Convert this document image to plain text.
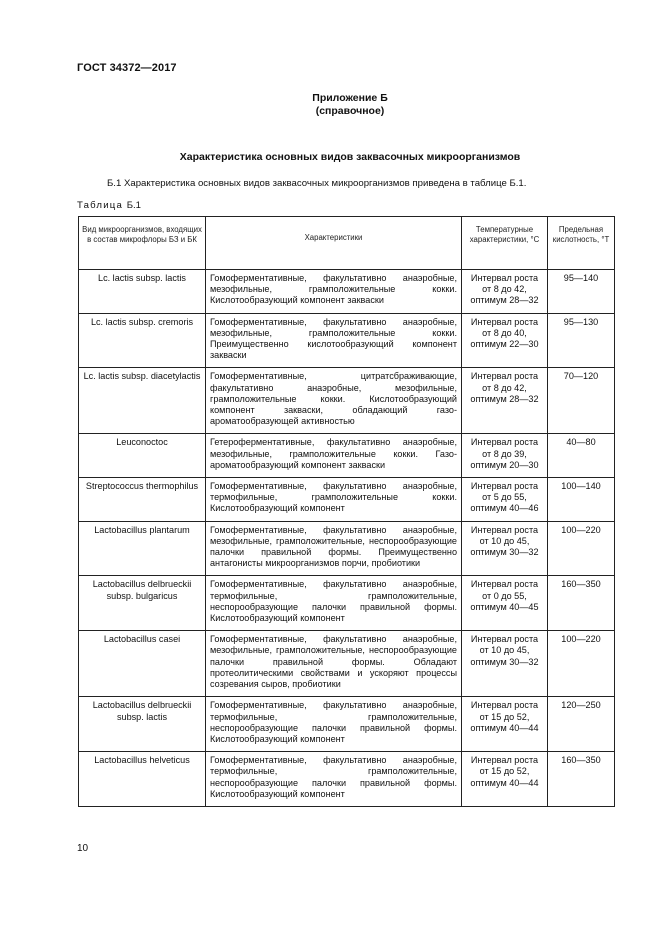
ГОСТ 34372—2017
Приложение Б
(справочное)
Характеристика основных видов заквасочных микроорганизмов
Б.1 Характеристика основных видов заквасочных микроорганизмов приведена в таблице Б.1.
Таблица Б.1
Вид микроорганизмов, входящих в состав микрофлоры БЗ и БК	Характеристики	Температурные характеристики, °С	Предельная кислотность, °Т
Lc. lactis subsp. lactis	Гомоферментативные, факультативно анаэробные, мезофильные, грамположительные кокки. Кислотообразующий компонент закваски	Интервал роста от 8 до 42, оптимум 28—32	95—140
Lc. lactis subsp. cremoris	Гомоферментативные, факультативно анаэробные, мезофильные, грамположительные кокки. Преимущественно кислотообразующий компонент закваски	Интервал роста от 8 до 40, оптимум 22—30	95—130
Lc. lactis subsp. diacetylactis	Гомоферментативные, цитратсбраживающие, факультативно анаэробные, мезофильные, грамположительные кокки. Кислотообразующий компонент закваски, обладающий газо-ароматообразующей активностью	Интервал роста от 8 до 42, оптимум 28—32	70—120
Leuconoctoc	Гетероферментативные, факультативно анаэробные, мезофильные, грамположительные кокки. Газо-ароматообразующий компонент закваски	Интервал роста от 8 до 39, оптимум 20—30	40—80
Streptococcus thermophilus	Гомоферментативные, факультативно анаэробные, термофильные, грамположительные кокки. Кислотообразующий компонент	Интервал роста от 5 до 55, оптимум 40—46	100—140
Lactobacillus plantarum	Гомоферментативные, факультативно анаэробные, мезофильные, грамположительные, неспорообразующие палочки правильной формы. Преимущественно антагонисты микроорганизмов порчи, пробиотики	Интервал роста от 10 до 45, оптимум 30—32	100—220
Lactobacillus delbrueckii subsp. bulgaricus	Гомоферментативные, факультативно анаэробные, термофильные, грамположительные, неспорообразующие палочки правильной формы. Кислотообразующий компонент	Интервал роста от 0 до 55, оптимум 40—45	160—350
Lactobacillus casei	Гомоферментативные, факультативно анаэробные, мезофильные, грамположительные, неспорообразующие палочки правильной формы. Обладают протеолитическими свойствами и ускоряют процессы созревания сыров, пробиотики	Интервал роста от 10 до 45, оптимум 30—32	100—220
Lactobacillus delbrueckii subsp. lactis	Гомоферментативные, факультативно анаэробные, термофильные, грамположительные, неспорообразующие палочки правильной формы. Кислотообразующий компонент	Интервал роста от 15 до 52, оптимум 40—44	120—250
Lactobacillus helveticus	Гомоферментативные, факультативно анаэробные, термофильные, грамположительные, неспорообразующие палочки правильной формы. Кислотообразующий компонент	Интервал роста от 15 до 52, оптимум 40—44	160—350
10
